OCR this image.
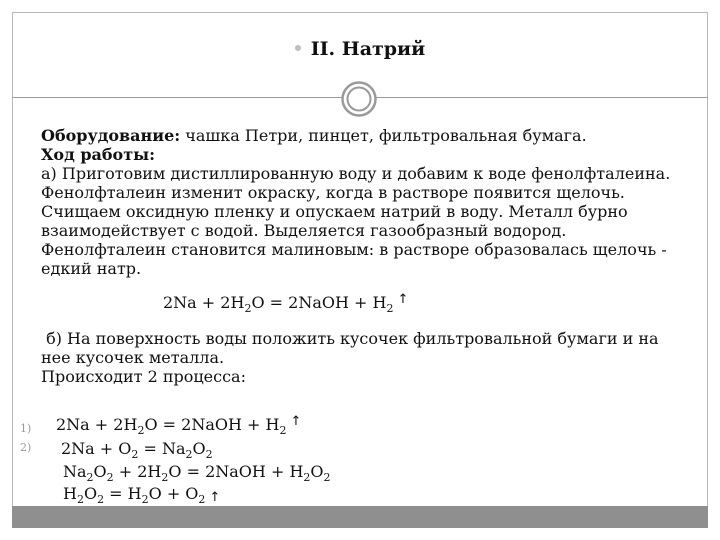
II. Натрий

Оборудование: чашка Петри, пинцет, фильтровальная бумага.

Ход работы:

а) Приготовим дистиллированную воду и добавим к воде фенолфталеина.

Фенолфталеин изменит окраску, когда в растворе появится щелочь.

Счищаем оксидную пленку и опускаем натрий в воду. Металл бурно

взаимодействует с водой. Выделяется газообразный водород.

Фенолфталеин становится малиновым: в растворе образовалась щелочь -

едкий натр.

$2Na + 2H_2O$ = 2NaOH + $H_2^↑$

б) На поверхность воды положить кусочек фильтровальной бумаги и на

нее кусочек металла.

Происходит 2 процесса:

1)
2)
$2Na + 2H_2O$ = 2NaOH + $H_2^↑$
$2Na + O_2 = Na_2O_2$
$Na_2O_2 + 2H_2O$ = 2NaOH + $H_2O_2$
$H_2O_2 = H_2O + O_2$ ↑
